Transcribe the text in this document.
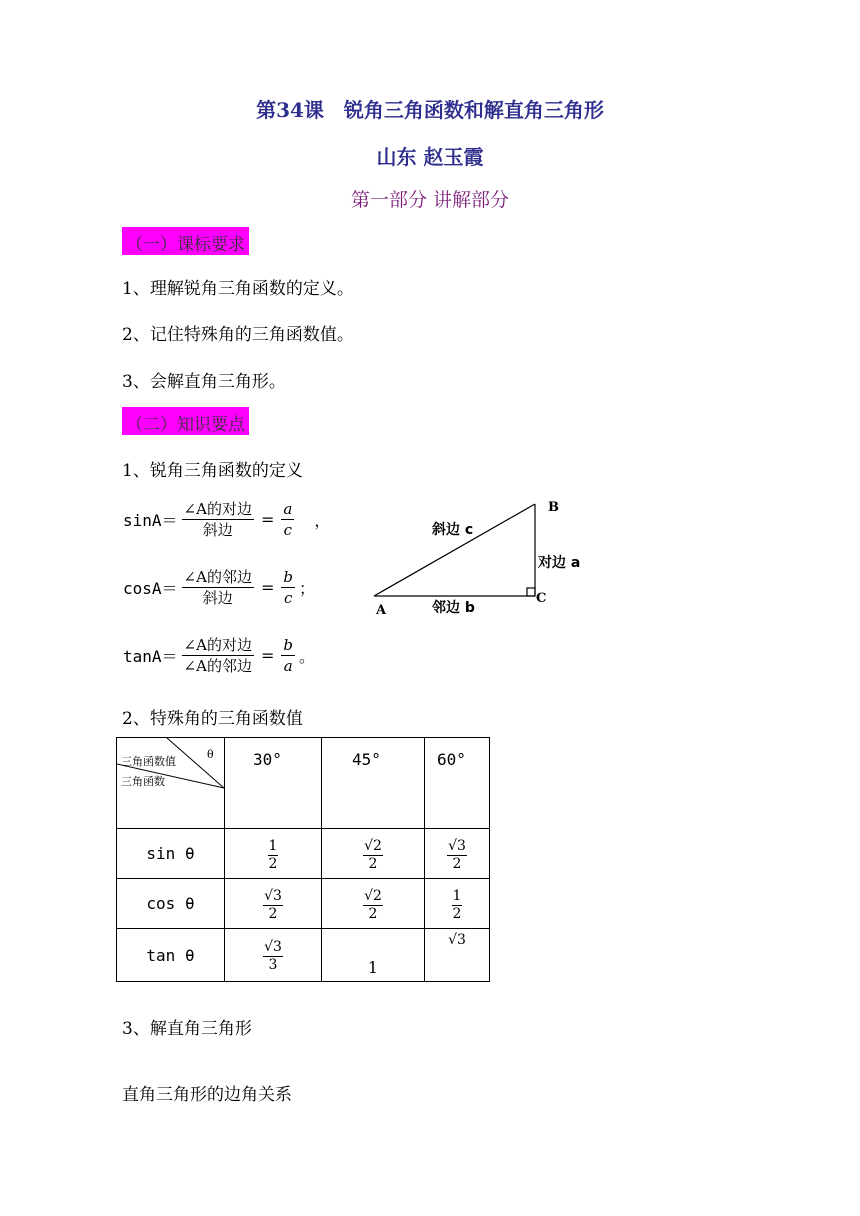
第34课　锐角三角函数和解直角三角形
山东 赵玉霞
第一部分 讲解部分
（一）课标要求
1、理解锐角三角函数的定义。
2、记住特殊角的三角函数值。
3、会解直角三角形。
（二）知识要点
1、锐角三角函数的定义
$\sin A= \frac{\text{∠A的对边}}{\text{斜边}} = \frac{a}{c}$ 　，
$\cos A= \frac{\text{∠A的邻边}}{\text{斜边}} = \frac{b}{c}$ ；
$\tan A= \frac{\text{∠A的对边}}{\text{∠A的邻边}} = \frac{b}{a}$ 。
斜边 c
对边 a
邻边 b
B
C
A
2、特殊角的三角函数值
三角函数值
θ
三角函数	30°	45°	60°
sin θ	$\frac{1}{2}$	$\frac{√2}{2}$	$\frac{√3}{2}$

cos θ	$\frac{√3}{2}$	$\frac{√2}{2}$	$\frac{1}{2}$

tan θ	$\frac{√3}{3}$	1	√3
3、解直角三角形
直角三角形的边角关系
